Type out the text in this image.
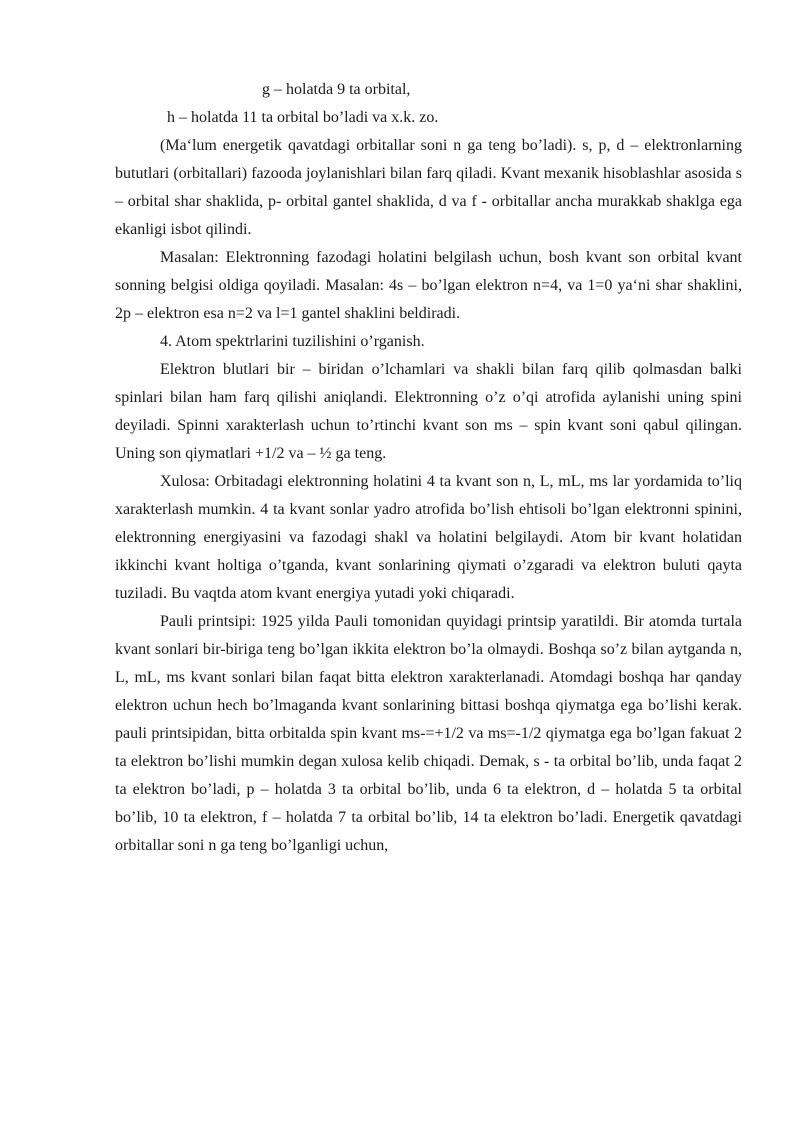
g – holatda 9 ta orbital,

h – holatda 11 ta orbital bo’ladi va x.k. zo.

(Ma‘lum energetik qavatdagi orbitallar soni n ga teng bo’ladi). s, p, d – elektronlarning bututlari (orbitallari) fazooda joylanishlari bilan farq qiladi. Kvant mexanik hisoblashlar asosida s – orbital shar shaklida, p- orbital gantel shaklida, d va f - orbitallar ancha murakkab shaklga ega ekanligi isbot qilindi.

Masalan: Elektronning fazodagi holatini belgilash uchun, bosh kvant son orbital kvant sonning belgisi oldiga qoyiladi. Masalan: 4s – bo’lgan elektron n=4, va 1=0 ya‘ni shar shaklini, 2p – elektron esa n=2 va l=1 gantel shaklini beldiradi.

4. Atom spektrlarini tuzilishini o’rganish.

Elektron blutlari bir – biridan o’lchamlari va shakli bilan farq qilib qolmasdan balki spinlari bilan ham farq qilishi aniqlandi. Elektronning o’z o’qi atrofida aylanishi uning spini deyiladi. Spinni xarakterlash uchun to’rtinchi kvant son ms – spin kvant soni qabul qilingan. Uning son qiymatlari +1/2 va – ½ ga teng.

Xulosa: Orbitadagi elektronning holatini 4 ta kvant son n, L, mL, ms lar yordamida to’liq xarakterlash mumkin. 4 ta kvant sonlar yadro atrofida bo’lish ehtisoli bo’lgan elektronni spinini, elektronning energiyasini va fazodagi shakl va holatini belgilaydi. Atom bir kvant holatidan ikkinchi kvant holtiga o’tganda, kvant sonlarining qiymati o’zgaradi va elektron buluti qayta tuziladi. Bu vaqtda atom kvant energiya yutadi yoki chiqaradi.

Pauli printsipi: 1925 yilda Pauli tomonidan quyidagi printsip yaratildi. Bir atomda turtala kvant sonlari bir-biriga teng bo’lgan ikkita elektron bo’la olmaydi. Boshqa so’z bilan aytganda n, L, mL, ms kvant sonlari bilan faqat bitta elektron xarakterlanadi. Atomdagi boshqa har qanday elektron uchun hech bo’lmaganda kvant sonlarining bittasi boshqa qiymatga ega bo’lishi kerak. pauli printsipidan, bitta orbitalda spin kvant ms-=+1/2 va ms=-1/2 qiymatga ega bo’lgan fakuat 2 ta elektron bo’lishi mumkin degan xulosa kelib chiqadi. Demak, s - ta orbital bo’lib, unda faqat 2 ta elektron bo’ladi, p – holatda 3 ta orbital bo’lib, unda 6 ta elektron, d – holatda 5 ta orbital bo’lib, 10 ta elektron, f – holatda 7 ta orbital bo’lib, 14 ta elektron bo’ladi. Energetik qavatdagi orbitallar soni n ga teng bo’lganligi uchun,
